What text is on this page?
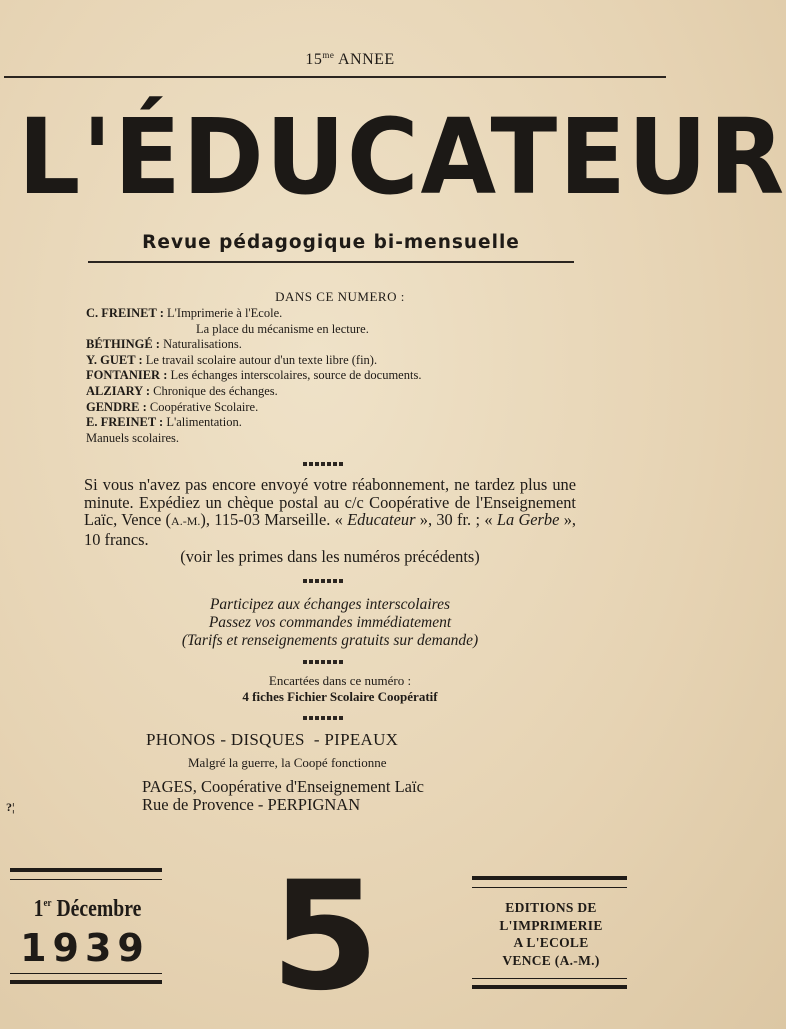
$15^{me}$ ANNEE
L'ÉDUCATEUR
Revue pédagogique bi-mensuelle
DANS CE NUMERO :
C. FREINET : L'Imprimerie à l'Ecole.
La place du mécanisme en lecture.
BÉTHINGÉ : Naturalisations.
Y. GUET : Le travail scolaire autour d'un texte libre (fin).
FONTANIER : Les échanges interscolaires, source de documents.
ALZIARY : Chronique des échanges.
GENDRE : Coopérative Scolaire.
E. FREINET : L'alimentation.
Manuels scolaires.
Si vous n'avez pas encore envoyé votre réabonnement, ne tardez plus une minute. Expédiez un chèque postal au c/c Coopérative de l'Enseignement Laïc, Vence (A.-M.), 115-03 Marseille. « Educateur », 30 fr. ; « La Gerbe », 10 francs.
(voir les primes dans les numéros précédents)
Participez aux échanges interscolaires
Passez vos commandes immédiatement
(Tarifs et renseignements gratuits sur demande)
Encartées dans ce numéro :
4 fiches Fichier Scolaire Coopératif
PHONOS - DISQUES  - PIPEAUX
Malgré la guerre, la Coopé fonctionne
PAGES, Coopérative d'Enseignement Laïc
Rue de Provence - PERPIGNAN
?¦
1er Décembre
1939 5	EDITIONS DE
L'IMPRIMERIE
A L'ECOLE
VENCE (A.-M.)
